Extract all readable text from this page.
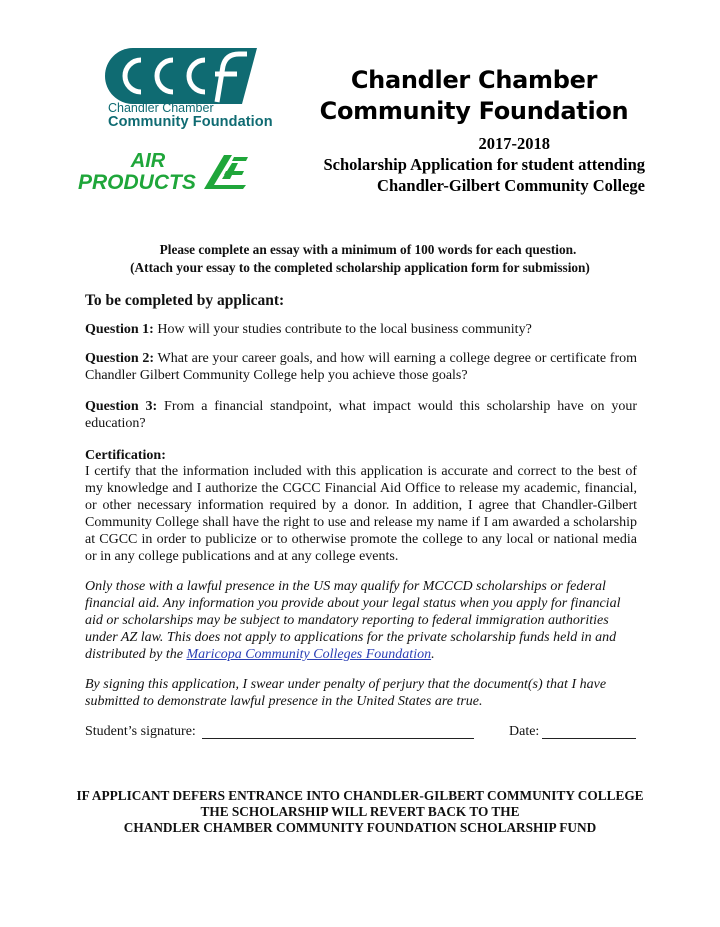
Chandler Chamber
Community Foundation
AIR
PRODUCTS
Chandler Chamber
Community Foundation
2017-2018
Scholarship Application for student attending
Chandler-Gilbert Community College
Please complete an essay with a minimum of 100 words for each question.
(Attach your essay to the completed scholarship application form for submission)
To be completed by applicant:
Question 1: How will your studies contribute to the local business community?
Question 2: What are your career goals, and how will earning a college degree or certificate from Chandler Gilbert Community College help you achieve those goals?
Question 3: From a financial standpoint, what impact would this scholarship have on your education?
Certification:
I certify that the information included with this application is accurate and correct to the best of my knowledge and I authorize the CGCC Financial Aid Office to release my academic, financial, or other necessary information required by a donor. In addition, I agree that Chandler-Gilbert Community College shall have the right to use and release my name if I am awarded a scholarship at CGCC in order to publicize or to otherwise promote the college to any local or national media or in any college publications and at any college events.
Only those with a lawful presence in the US may qualify for MCCCD scholarships or federal financial aid. Any information you provide about your legal status when you apply for financial aid or scholarships may be subject to mandatory reporting to federal immigration authorities under AZ law. This does not apply to applications for the private scholarship funds held in and distributed by the Maricopa Community Colleges Foundation.
By signing this application, I swear under penalty of perjury that the document(s) that I have submitted to demonstrate lawful presence in the United States are true.
Student’s signature:	Date:
IF APPLICANT DEFERS ENTRANCE INTO CHANDLER-GILBERT COMMUNITY COLLEGE
THE SCHOLARSHIP WILL REVERT BACK TO THE
CHANDLER CHAMBER COMMUNITY FOUNDATION SCHOLARSHIP FUND
